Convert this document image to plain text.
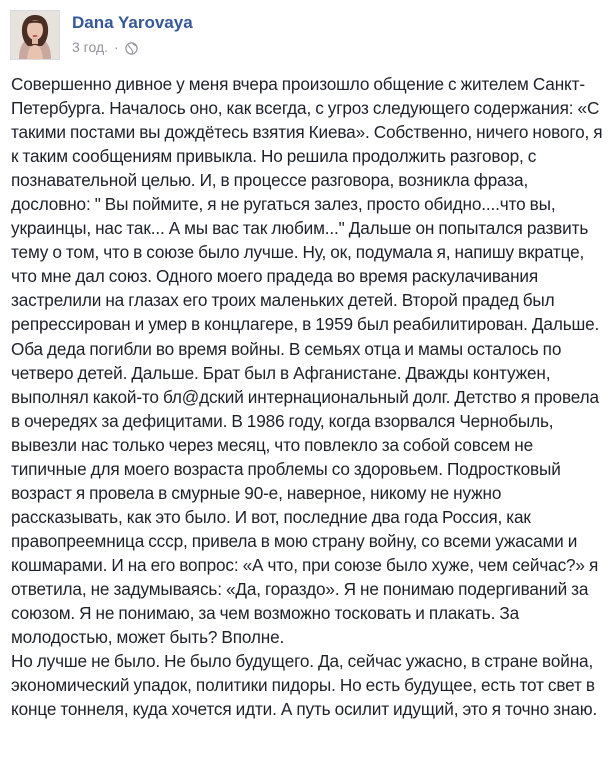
Dana Yarovaya
3 год. ·

Совершенно дивное у меня вчера произошло общение с жителем Санкт-Петербурга. Началось оно, как всегда, с угроз следующего содержания: «С такими постами вы дождётесь взятия Киева». Собственно, ничего нового, я к таким сообщениям привыкла. Но решила продолжить разговор, с познавательной целью. И, в процессе разговора, возникла фраза, дословно: " Вы поймите, я не ругаться залез, просто обидно....что вы, украинцы, нас так... А мы вас так любим..." Дальше он попытался развить тему о том, что в союзе было лучше. Ну, ок, подумала я, напишу вкратце, что мне дал союз. Одного моего прадеда во время раскулачивания застрелили на глазах его троих маленьких детей. Второй прадед был репрессирован и умер в концлагере, в 1959 был реабилитирован. Дальше. Оба деда погибли во время войны. В семьях отца и мамы осталось по четверо детей. Дальше. Брат был в Афганистане. Дважды контужен, выполнял какой-то бл@дский интернациональный долг. Детство я провела в очередях за дефицитами. В 1986 году, когда взорвался Чернобыль, вывезли нас только через месяц, что повлекло за собой совсем не типичные для моего возраста проблемы со здоровьем. Подростковый возраст я провела в смурные 90-е, наверное, никому не нужно рассказывать, как это было. И вот, последние два года Россия, как правопреемница ссср, привела в мою страну войну, со всеми ужасами и кошмарами. И на его вопрос: «А что, при союзе было хуже, чем сейчас?» я ответила, не задумываясь: «Да, гораздо». Я не понимаю подергиваний за союзом. Я не понимаю, за чем возможно тосковать и плакать. За молодостью, может быть? Вполне.

Но лучше не было. Не было будущего. Да, сейчас ужасно, в стране война, экономический упадок, политики пидоры. Но есть будущее, есть тот свет в конце тоннеля, куда хочется идти. А путь осилит идущий, это я точно знаю.
